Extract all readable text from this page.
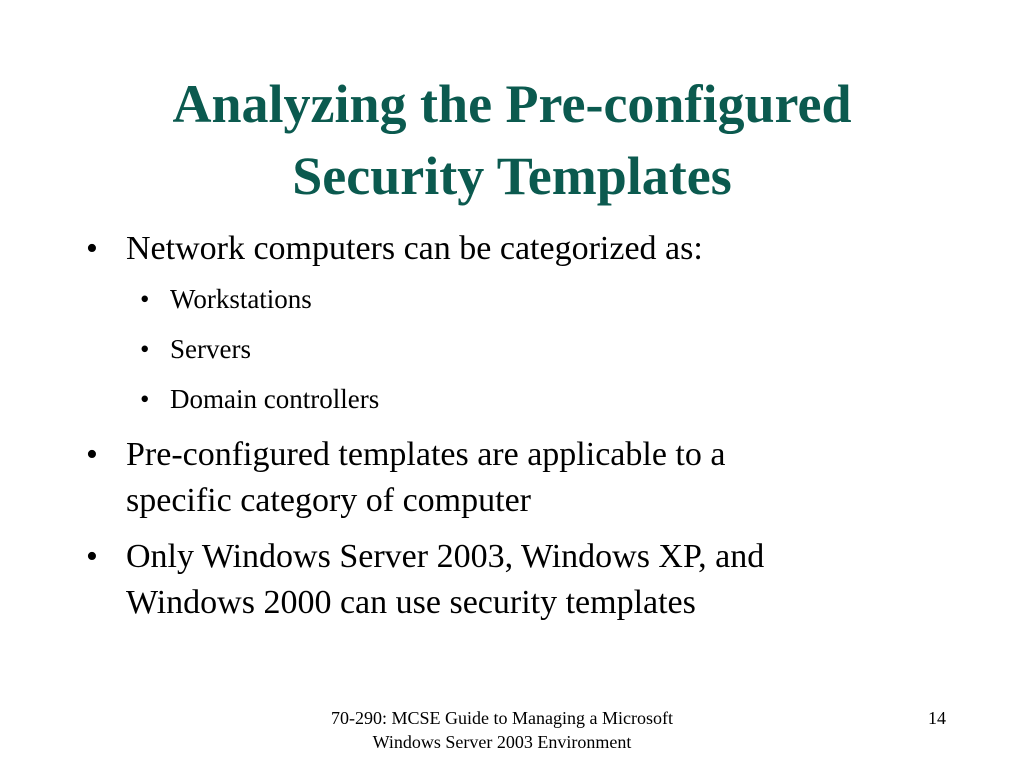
Analyzing the Pre-configured
Security Templates
• Network computers can be categorized as:
• Workstations
• Servers
• Domain controllers
• Pre-configured templates are applicable to a
specific category of computer
• Only Windows Server 2003, Windows XP, and
Windows 2000 can use security templates
70-290: MCSE Guide to Managing a Microsoft
Windows Server 2003 Environment
14
